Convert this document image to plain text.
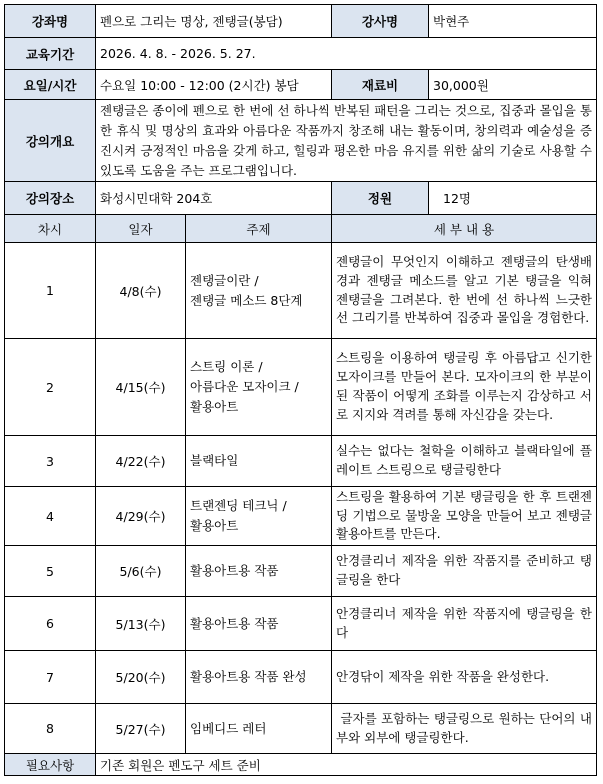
강좌명	펜으로 그리는 명상, 젠탱글(봉담)		강사명	박현주
교육기간	2026. 4. 8. - 2026. 5. 27.			
요일/시간	수요일 10:00 - 12:00 (2시간) 봉담		재료비	30,000원
강의개요	젠탱글은 종이에 펜으로 한 번에 선 하나씩 반복된 패턴을 그리는 것으로, 집중과 몰입을 통한 휴식 및 명상의 효과와 아름다운 작품까지 창조해 내는 활동이며, 창의력과 예술성을 증진시켜 긍정적인 마음을 갖게 하고, 힐링과 평온한 마음 유지를 위한 삶의 기술로 사용할 수 있도록 도움을 주는 프로그램입니다.			
강의장소	화성시민대학 204호		정원	12명
차시	일자	주제	세 부 내 용	
1	4/8(수)	젠탱글이란 /
젠탱글 메소드 8단계	젠탱글이 무엇인지 이해하고 젠탱글의 탄생배경과 젠탱글 메소드를 알고 기본 탱글을 익혀 젠탱글을 그려본다. 한 번에 선 하나씩 느긋한 선 그리기를 반복하여 집중과 몰입을 경험한다.	
2	4/15(수)	스트링 이론 /
아름다운 모자이크 /
활용아트	스트링을 이용하여 탱글링 후 아름답고 신기한 모자이크를 만들어 본다. 모자이크의 한 부분이 된 작품이 어떻게 조화를 이루는지 감상하고 서로 지지와 격려를 통해 자신감을 갖는다.	
3	4/22(수)	블랙타일	실수는 없다는 철학을 이해하고 블랙타일에 플레이트 스트링으로 탱글링한다	
4	4/29(수)	트랜젠딩 테크닉 /
활용아트	스트링을 활용하여 기본 탱글링을 한 후 트랜젠딩 기법으로 물방울 모양을 만들어 보고 젠탱글 활용아트를 만든다.	
5	5/6(수)	활용아트용 작품	안경클리너 제작을 위한 작품지를 준비하고 탱글링을 한다	
6	5/13(수)	활용아트용 작품	안경클리너 제작을 위한 작품지에 탱글링을 한다	
7	5/20(수)	활용아트용 작품 완성	안경닦이 제작을 위한 작품을 완성한다.	
8	5/27(수)	임베디드 레터	글자를 포함하는 탱글링으로 원하는 단어의 내부와 외부에 탱글링한다.	
필요사항	기존 회원은 펜도구 세트 준비			
